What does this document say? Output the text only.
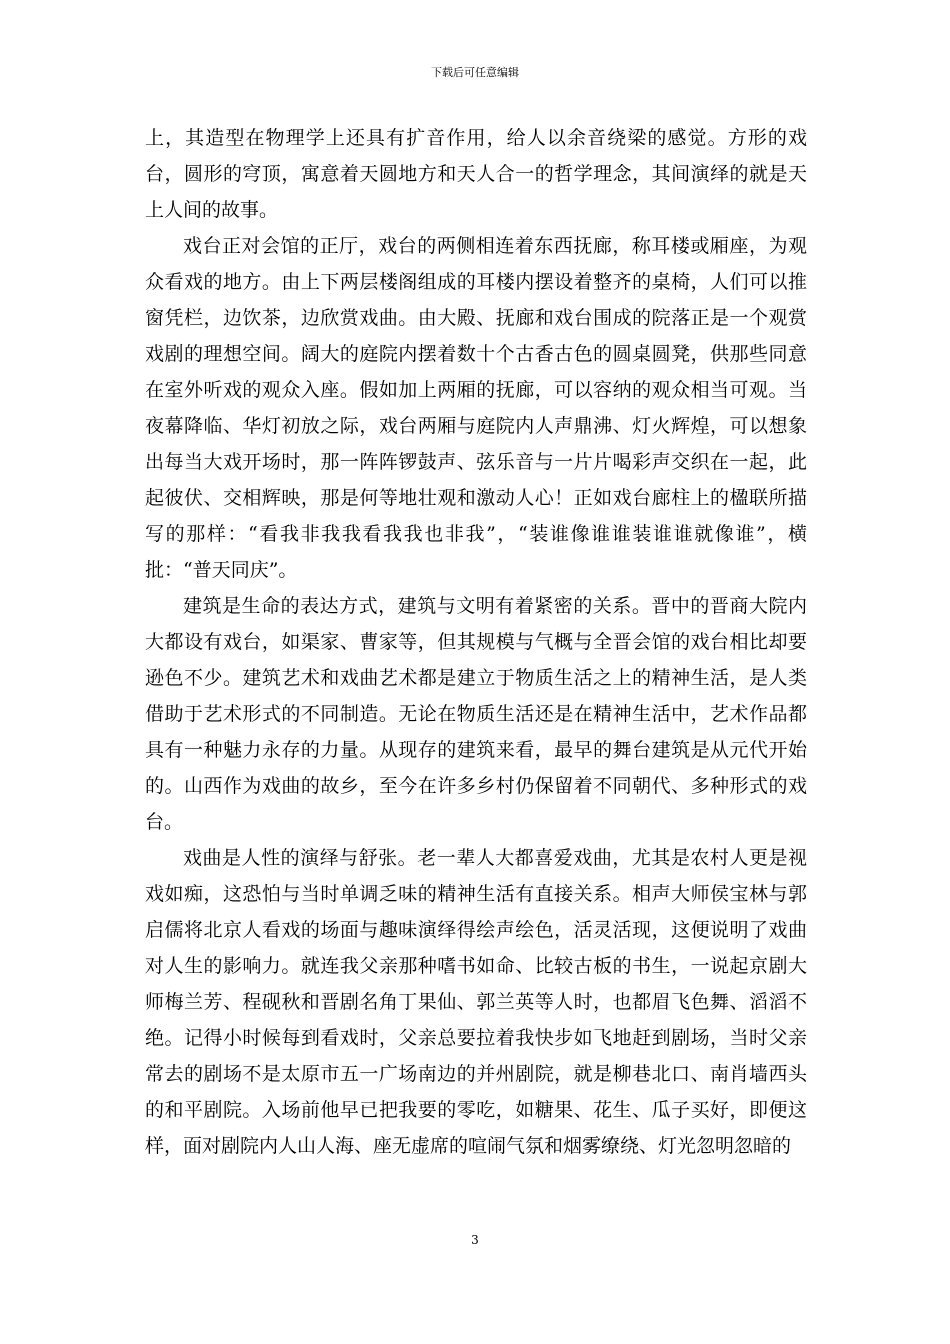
下载后可任意编辑

上，其造型在物理学上还具有扩音作用，给人以余音绕梁的感觉。方形的戏台，圆形的穹顶，寓意着天圆地方和天人合一的哲学理念，其间演绎的就是天上人间的故事。

戏台正对会馆的正厅，戏台的两侧相连着东西抚廊，称耳楼或厢座，为观众看戏的地方。由上下两层楼阁组成的耳楼内摆设着整齐的桌椅，人们可以推窗凭栏，边饮茶，边欣赏戏曲。由大殿、抚廊和戏台围成的院落正是一个观赏戏剧的理想空间。阔大的庭院内摆着数十个古香古色的圆桌圆凳，供那些同意在室外听戏的观众入座。假如加上两厢的抚廊，可以容纳的观众相当可观。当夜幕降临、华灯初放之际，戏台两厢与庭院内人声鼎沸、灯火辉煌，可以想象出每当大戏开场时，那一阵阵锣鼓声、弦乐音与一片片喝彩声交织在一起，此起彼伏、交相辉映，那是何等地壮观和激动人心！正如戏台廊柱上的楹联所描写的那样：“看我非我我看我我也非我”，“装谁像谁谁装谁谁就像谁”，横批：“普天同庆”。

建筑是生命的表达方式，建筑与文明有着紧密的关系。晋中的晋商大院内大都设有戏台，如渠家、曹家等，但其规模与气概与全晋会馆的戏台相比却要逊色不少。建筑艺术和戏曲艺术都是建立于物质生活之上的精神生活，是人类借助于艺术形式的不同制造。无论在物质生活还是在精神生活中，艺术作品都具有一种魅力永存的力量。从现存的建筑来看，最早的舞台建筑是从元代开始的。山西作为戏曲的故乡，至今在许多乡村仍保留着不同朝代、多种形式的戏台。

戏曲是人性的演绎与舒张。老一辈人大都喜爱戏曲，尤其是农村人更是视戏如痴，这恐怕与当时单调乏味的精神生活有直接关系。相声大师侯宝林与郭启儒将北京人看戏的场面与趣味演绎得绘声绘色，活灵活现，这便说明了戏曲对人生的影响力。就连我父亲那种嗜书如命、比较古板的书生，一说起京剧大师梅兰芳、程砚秋和晋剧名角丁果仙、郭兰英等人时，也都眉飞色舞、滔滔不绝。记得小时候每到看戏时，父亲总要拉着我快步如飞地赶到剧场，当时父亲常去的剧场不是太原市五一广场南边的并州剧院，就是柳巷北口、南肖墙西头的和平剧院。入场前他早已把我要的零吃，如糖果、花生、瓜子买好，即便这样，面对剧院内人山人海、座无虚席的喧闹气氛和烟雾缭绕、灯光忽明忽暗的

3
